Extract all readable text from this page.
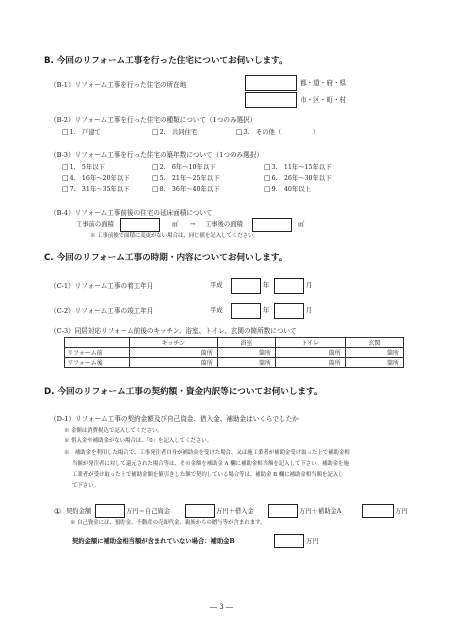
B. 今回のリフォーム工事を行った住宅についてお伺いします。
（B-1）リフォーム工事を行った住宅の所在地	都・道・府・県
市・区・町・村
（B-2）リフォーム工事を行った住宅の種類について（1つのみ選択）
□1.　戸建て	□2.　共同住宅	□3.　その他（　　　　　）
（B-3）リフォーム工事を行った住宅の築年数について（1つのみ選択）
□1.　5年以下	□2.　6年～10年以下	□3.　11年～15年以下
□4.　16年～20年以下	□5.　21年～25年以下	□6.　26年～30年以下
□7.　31年～35年以下	□8.　36年～40年以下	□9.　40年以上
（B-4）リフォーム工事前後の住宅の延床面積について
工事前の面積	㎡ → 工事後の面積	㎡
※ 工事前後で面積に変更がない場合は、同じ値を記入してください。
C. 今回のリフォーム工事の時期・内容についてお伺いします。
（C-1）リフォーム工事の着工年月	平成	年	月
（C-2）リフォーム工事の竣工年月	平成	年	月
（C-3）同居対応リフォーム前後のキッチン、浴室、トイレ、玄関の箇所数について
	キッチン	浴室	トイレ	玄関
リフォーム前	箇所	箇所	箇所	箇所
リフォーム後	箇所	箇所	箇所	箇所
D. 今回のリフォーム工事の契約額・資金内訳等についてお伺いします。
（D-1）リフォーム工事の契約金額及び自己資金、借入金、補助金はいくらでしたか
※ 金額は消費税込で記入してください。
※ 借入金や補助金がない場合は、「0」を記入してください。
※　補助金を利用した場合で、工事発注者自身が補助金を受けた場合、又は施工業者が補助金受け取った上で補助金相
当額が発注者に対して還元された場合等は、その金額を補助金 A 欄に補助金相当額を記入して下さい。補助金を施
工業者が受け取った上で補助金額を値引きした額で契約している場合等は、補助金 B 欄に補助金相当額を記入し
て下さい。
① 契約金額	万円＝自己資金	万円＋借入金	万円＋補助金A	万円
※ 自己資金には、預貯金、不動産の売却代金、親族からの贈与等が含まれます。
契約金額に補助金相当額が含まれていない場合：補助金B	万円
― 3 ―
